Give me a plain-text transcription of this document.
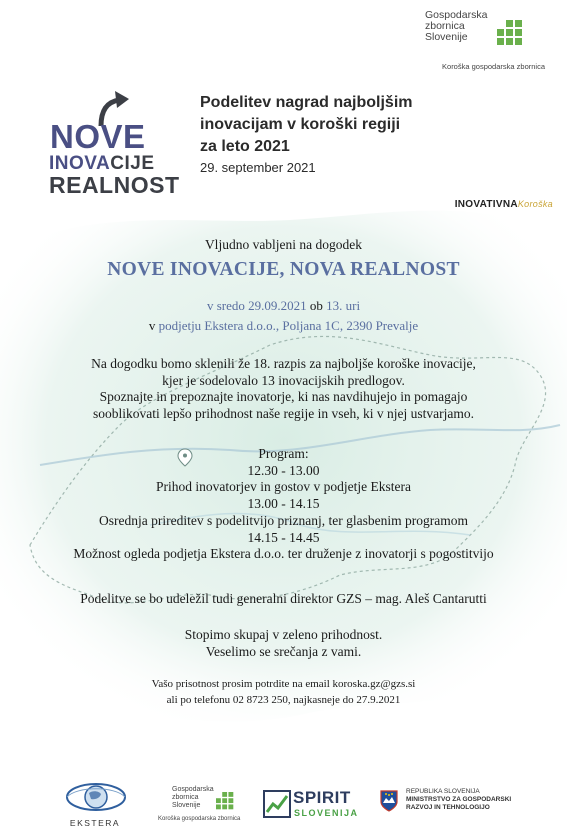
Gospodarska
zbornica
Slovenije
Koroška gospodarska zbornica
NOVE
INOVACIJE
REALNOST
Podelitev nagrad najboljšim
inovacijam v koroški regiji
za leto 2021
29. september 2021
INOVATIVNAKoroška
Vljudno vabljeni na dogodek
NOVE INOVACIJE, NOVA REALNOST
v sredo 29.09.2021 ob 13. uri
v podjetju Ekstera d.o.o., Poljana 1C, 2390 Prevalje
Na dogodku bomo sklenili že 18. razpis za najboljše koroške inovacije,
kjer je sodelovalo 13 inovacijskih predlogov.
Spoznajte in prepoznajte inovatorje, ki nas navdihujejo in pomagajo
sooblikovati lepšo prihodnost naše regije in vseh, ki v njej ustvarjamo.
Program:
12.30 - 13.00
Prihod inovatorjev in gostov v podjetje Ekstera
13.00 - 14.15
Osrednja prireditev s podelitvijo priznanj, ter glasbenim programom
14.15 - 14.45
Možnost ogleda podjetja Ekstera d.o.o. ter druženje z inovatorji s pogostitvijo
Podelitve se bo udeležil tudi generalni direktor GZS – mag. Aleš Cantarutti
Stopimo skupaj v zeleno prihodnost.
Veselimo se srečanja z vami.
Vašo prisotnost prosim potrdite na email koroska.gz@gzs.si
ali po telefonu 02 8723 250, najkasneje do 27.9.2021
EKSTERA
Gospodarska
zbornica
Slovenije
Koroška gospodarska zbornica
SPIRIT
SLOVENIJA
REPUBLIKA SLOVENIJA
MINISTRSTVO ZA GOSPODARSKI
RAZVOJ IN TEHNOLOGIJO
